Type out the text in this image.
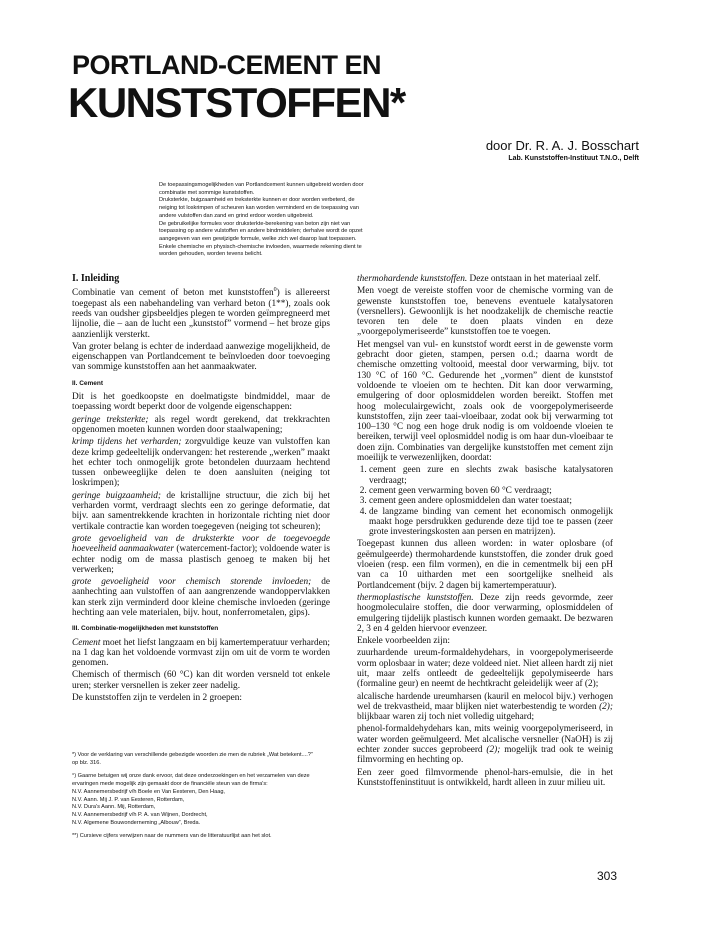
PORTLAND-CEMENT EN
KUNSTSTOFFEN*
door Dr. R. A. J. Bosschart
Lab. Kunststoffen-Instituut T.N.O., Delft

De toepassingsmogelijkheden van Portlandcement kunnen uitgebreid worden door combinatie met sommige kunststoffen.

Druksterkte, buigzaamheid en treksterkte kunnen er door worden verbeterd, de neiging tot loskrimpen of scheuren kan worden verminderd en de toepassing van andere vulstoffen dan zand en grind erdoor worden uitgebreid.

De gebruikelijke formules voor druksterkte-berekening van beton zijn niet van toepassing op andere vulstoffen en andere bindmiddelen; derhalve wordt de opzet aangegeven van een gewijzigde formule, welke zich wel daarop laat toepassen.

Enkele chemische en physisch-chemische invloeden, waarmede rekening dient te worden gehouden, worden tevens belicht.

I. Inleiding

Combinatie van cement of beton met kunststoffen$^0$) is allereerst toegepast als een nabehandeling van verhard beton (1**), zoals ook reeds van oudsher gipsbeeldjes plegen te worden geïmpregneerd met lijnolie, die – aan de lucht een „kunststof” vormend – het broze gips aanzienlijk versterkt.

Van groter belang is echter de inderdaad aanwezige mogelijkheid, de eigenschappen van Portlandcement te beïnvloeden door toevoeging van sommige kunststoffen aan het aanmaakwater.

II. Cement

Dit is het goedkoopste en doelmatigste bindmiddel, maar de toepassing wordt beperkt door de volgende eigenschappen:

geringe treksterkte; als regel wordt gerekend, dat trekkrachten opgenomen moeten kunnen worden door staalwapening;

krimp tijdens het verharden; zorgvuldige keuze van vulstoffen kan deze krimp gedeeltelijk ondervangen: het resterende „werken” maakt het echter toch onmogelijk grote betondelen duurzaam hechtend tussen onbeweeglijke delen te doen aansluiten (neiging tot loskrimpen);

geringe buigzaamheid; de kristallijne structuur, die zich bij het verharden vormt, verdraagt slechts een zo geringe deformatie, dat bijv. aan samentrekkende krachten in horizontale richting niet door vertikale contractie kan worden toegegeven (neiging tot scheuren);

grote gevoeligheid van de druksterkte voor de toegevoegde hoeveelheid aanmaakwater (watercement-factor); voldoende water is echter nodig om de massa plastisch genoeg te maken bij het verwerken;

grote gevoeligheid voor chemisch storende invloeden; de aanhechting aan vulstoffen of aan aangrenzende wandoppervlakken kan sterk zijn verminderd door kleine chemische invloeden (geringe hechting aan vele materialen, bijv. hout, nonferrometalen, gips).

III. Combinatie-mogelijkheden met kunststoffen

Cement moet het liefst langzaam en bij kamertemperatuur verharden; na 1 dag kan het voldoende vormvast zijn om uit de vorm te worden genomen.

Chemisch of thermisch (60 °C) kan dit worden versneld tot enkele uren; sterker versnellen is zeker zeer nadelig.

De kunststoffen zijn te verdelen in 2 groepen:

*) Voor de verklaring van verschillende gebezigde woorden zie men de rubriek „Wat betekent....?” op blz. 316.

°) Gaarne betuigen wij onze dank ervoor, dat deze onderzoekingen en het verzamelen van deze ervaringen mede mogelijk zijn gemaakt door de financiële steun van de firma's:
N.V. Aannemersbedrijf v/h Boele en Van Eesteren, Den Haag,
N.V. Aann. Mij J. P. van Eesteren, Rotterdam,
N.V. Dura's Aann. Mij, Rotterdam,
N.V. Aannemersbedrijf v/h P. A. van Wijnen, Dordrecht,
N.V. Algemene Bouwonderneming „Albouw”, Breda.

**) Cursieve cijfers verwijzen naar de nummers van de litteratuurlijst aan het slot.

thermohardende kunststoffen. Deze ontstaan in het materiaal zelf.

Men voegt de vereiste stoffen voor de chemische vorming van de gewenste kunststoffen toe, benevens eventuele katalysatoren (versnellers). Gewoonlijk is het noodzakelijk de chemische reactie tevoren ten dele te doen plaats vinden en deze „voorgepolymeriseerde” kunststoffen toe te voegen.

Het mengsel van vul- en kunststof wordt eerst in de gewenste vorm gebracht door gieten, stampen, persen o.d.; daarna wordt de chemische omzetting voltooid, meestal door verwarming, bijv. tot 130 °C of 160 °C. Gedurende het „vormen” dient de kunststof voldoende te vloeien om te hechten. Dit kan door verwarming, emulgering of door oplosmiddelen worden bereikt. Stoffen met hoog moleculairgewicht, zoals ook de voorgepolymeriseerde kunststoffen, zijn zeer taai-vloeibaar, zodat ook bij verwarming tot 100–130 °C nog een hoge druk nodig is om voldoende vloeien te bereiken, terwijl veel oplosmiddel nodig is om haar dun-vloeibaar te doen zijn. Combinaties van dergelijke kunststoffen met cement zijn moeilijk te verwezenlijken, doordat:

1. cement geen zure en slechts zwak basische katalysatoren verdraagt;
2. cement geen verwarming boven 60 °C verdraagt;
3. cement geen andere oplosmiddelen dan water toestaat;
4. de langzame binding van cement het economisch onmogelijk maakt hoge persdrukken gedurende deze tijd toe te passen (zeer grote investeringskosten aan persen en matrijzen).

Toegepast kunnen dus alleen worden: in water oplosbare (of geëmulgeerde) thermohardende kunststoffen, die zonder druk goed vloeien (resp. een film vormen), en die in cementmelk bij een pH van ca 10 uitharden met een soortgelijke snelheid als Portlandcement (bijv. 2 dagen bij kamertemperatuur).

thermoplastische kunststoffen. Deze zijn reeds gevormde, zeer hoogmoleculaire stoffen, die door verwarming, oplosmiddelen of emulgering tijdelijk plastisch kunnen worden gemaakt. De bezwaren 2, 3 en 4 gelden hiervoor evenzeer.

Enkele voorbeelden zijn:

zuurhardende ureum-formaldehydehars, in voorgepolymeriseerde vorm oplosbaar in water; deze voldeed niet. Niet alleen hardt zij niet uit, maar zelfs ontleedt de gedeeltelijk gepolymiseerde hars (formaline geur) en neemt de hechtkracht geleidelijk weer af (2);

alcalische hardende ureumharsen (kauril en melocol bijv.) verhogen wel de trekvastheid, maar blijken niet waterbestendig te worden (2); blijkbaar waren zij toch niet volledig uitgehard;

phenol-formaldehydehars kan, mits weinig voorgepolymeriseerd, in water worden geëmulgeerd. Met alcalische versneller (NaOH) is zij echter zonder succes geprobeerd (2); mogelijk trad ook te weinig filmvorming en hechting op.

Een zeer goed filmvormende phenol-hars-emulsie, die in het Kunststoffeninstituut is ontwikkeld, hardt alleen in zuur milieu uit.

303
